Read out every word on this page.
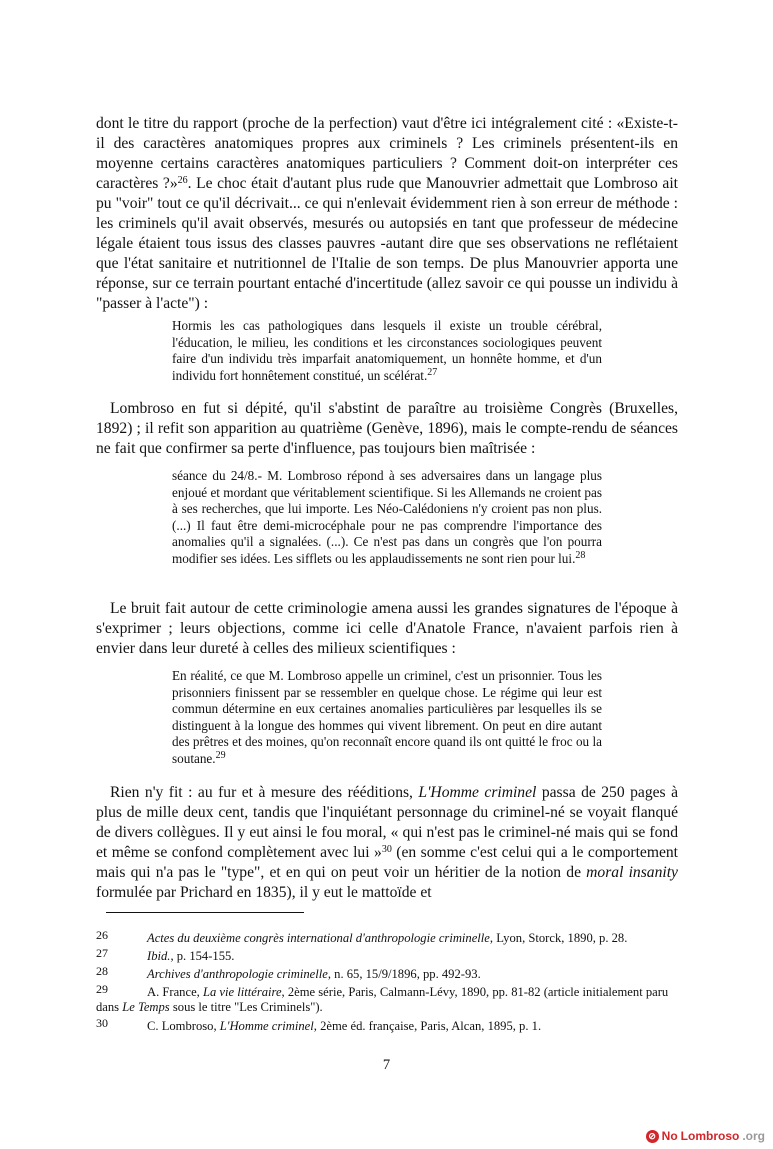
dont le titre du rapport (proche de la perfection) vaut d'être ici intégralement cité : «Existe-t-il des caractères anatomiques propres aux criminels ? Les criminels présentent-ils en moyenne certains caractères anatomiques particuliers ? Comment doit-on interpréter ces caractères ?»$^{26}$. Le choc était d'autant plus rude que Manouvrier admettait que Lombroso ait pu "voir" tout ce qu'il décrivait... ce qui n'enlevait évidemment rien à son erreur de méthode : les criminels qu'il avait observés, mesurés ou autopsiés en tant que professeur de médecine légale étaient tous issus des classes pauvres -autant dire que ses observations ne reflétaient que l'état sanitaire et nutritionnel de l'Italie de son temps. De plus Manouvrier apporta une réponse, sur ce terrain pourtant entaché d'incertitude (allez savoir ce qui pousse un individu à "passer à l'acte") :

Hormis les cas pathologiques dans lesquels il existe un trouble cérébral, l'éducation, le milieu, les conditions et les circonstances sociologiques peuvent faire d'un individu très imparfait anatomiquement, un honnête homme, et d'un individu fort honnêtement constitué, un scélérat.$^{27}$

Lombroso en fut si dépité, qu'il s'abstint de paraître au troisième Congrès (Bruxelles, 1892) ; il refit son apparition au quatrième (Genève, 1896), mais le compte-rendu de séances ne fait que confirmer sa perte d'influence, pas toujours bien maîtrisée :

séance du 24/8.- M. Lombroso répond à ses adversaires dans un langage plus enjoué et mordant que véritablement scientifique. Si les Allemands ne croient pas à ses recherches, que lui importe. Les Néo-Calédoniens n'y croient pas non plus. (...) Il faut être demi-microcéphale pour ne pas comprendre l'importance des anomalies qu'il a signalées. (...). Ce n'est pas dans un congrès que l'on pourra modifier ses idées. Les sifflets ou les applaudissements ne sont rien pour lui.$^{28}$

Le bruit fait autour de cette criminologie amena aussi les grandes signatures de l'époque à s'exprimer ; leurs objections, comme ici celle d'Anatole France, n'avaient parfois rien à envier dans leur dureté à celles des milieux scientifiques :

En réalité, ce que M. Lombroso appelle un criminel, c'est un prisonnier. Tous les prisonniers finissent par se ressembler en quelque chose. Le régime qui leur est commun détermine en eux certaines anomalies particulières par lesquelles ils se distinguent à la longue des hommes qui vivent librement. On peut en dire autant des prêtres et des moines, qu'on reconnaît encore quand ils ont quitté le froc ou la soutane.$^{29}$

Rien n'y fit : au fur et à mesure des rééditions, L'Homme criminel passa de 250 pages à plus de mille deux cent, tandis que l'inquiétant personnage du criminel-né se voyait flanqué de divers collègues. Il y eut ainsi le fou moral, « qui n'est pas le criminel-né mais qui se fond et même se confond complètement avec lui »$^{30}$ (en somme c'est celui qui a le comportement mais qui n'a pas le "type", et en qui on peut voir un héritier de la notion de moral insanity formulée par Prichard en 1835), il y eut le mattoïde et

26	Actes du deuxième congrès international d'anthropologie criminelle, Lyon, Storck, 1890, p. 28.

27	Ibid., p. 154-155.

28	Archives d'anthropologie criminelle, n. 65, 15/9/1896, pp. 492-93.

29	A. France, La vie littéraire, 2ème série, Paris, Calmann-Lévy, 1890, pp. 81-82 (article initialement paru dans Le Temps sous le titre "Les Criminels").

30	C. Lombroso, L'Homme criminel, 2ème éd. française, Paris, Alcan, 1895, p. 1.

7
⊘ No Lombroso .org
